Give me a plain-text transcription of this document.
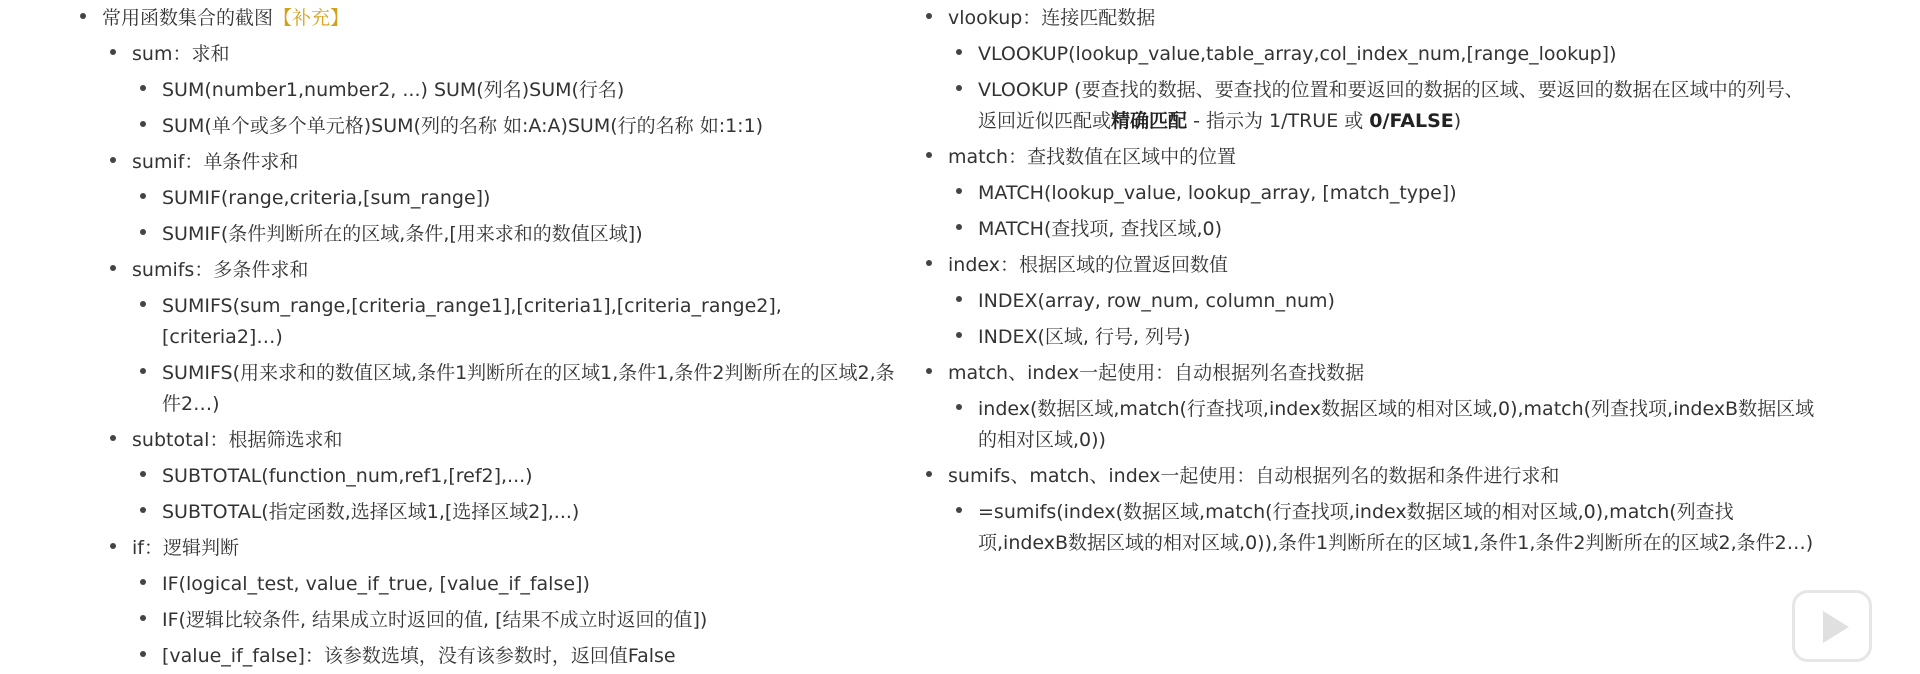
常用函数集合的截图【补充】
sum：求和
SUM(number1,number2, ...) SUM(列名)SUM(行名)
SUM(单个或多个单元格)SUM(列的名称 如:A:A)SUM(行的名称 如:1:1)
sumif：单条件求和
SUMIF(range,criteria,[sum_range])
SUMIF(条件判断所在的区域,条件,[用来求和的数值区域])
sumifs：多条件求和
SUMIFS(sum_range,[criteria_range1],[criteria1],[criteria_range2],[criteria2]…)
SUMIFS(用来求和的数值区域,条件1判断所在的区域1,条件1,条件2判断所在的区域2,条件2…)
subtotal：根据筛选求和
SUBTOTAL(function_num,ref1,[ref2],...)
SUBTOTAL(指定函数,选择区域1,[选择区域2],...)
if：逻辑判断
IF(logical_test, value_if_true, [value_if_false])
IF(逻辑比较条件, 结果成立时返回的值, [结果不成立时返回的值])
[value_if_false]：该参数选填，没有该参数时，返回值False
vlookup：连接匹配数据
VLOOKUP(lookup_value,table_array,col_index_num,[range_lookup])
VLOOKUP (要查找的数据、要查找的位置和要返回的数据的区域、要返回的数据在区域中的列号、返回近似匹配或精确匹配 - 指示为 1/TRUE 或 0/FALSE)
match：查找数值在区域中的位置
MATCH(lookup_value, lookup_array, [match_type])
MATCH(查找项, 查找区域,0)
index：根据区域的位置返回数值
INDEX(array, row_num, column_num)
INDEX(区域, 行号, 列号)
match、index一起使用：自动根据列名查找数据
index(数据区域,match(行查找项,index数据区域的相对区域,0),match(列查找项,indexB数据区域的相对区域,0))
sumifs、match、index一起使用：自动根据列名的数据和条件进行求和
=sumifs(index(数据区域,match(行查找项,index数据区域的相对区域,0),match(列查找项,indexB数据区域的相对区域,0)),条件1判断所在的区域1,条件1,条件2判断所在的区域2,条件2…)
